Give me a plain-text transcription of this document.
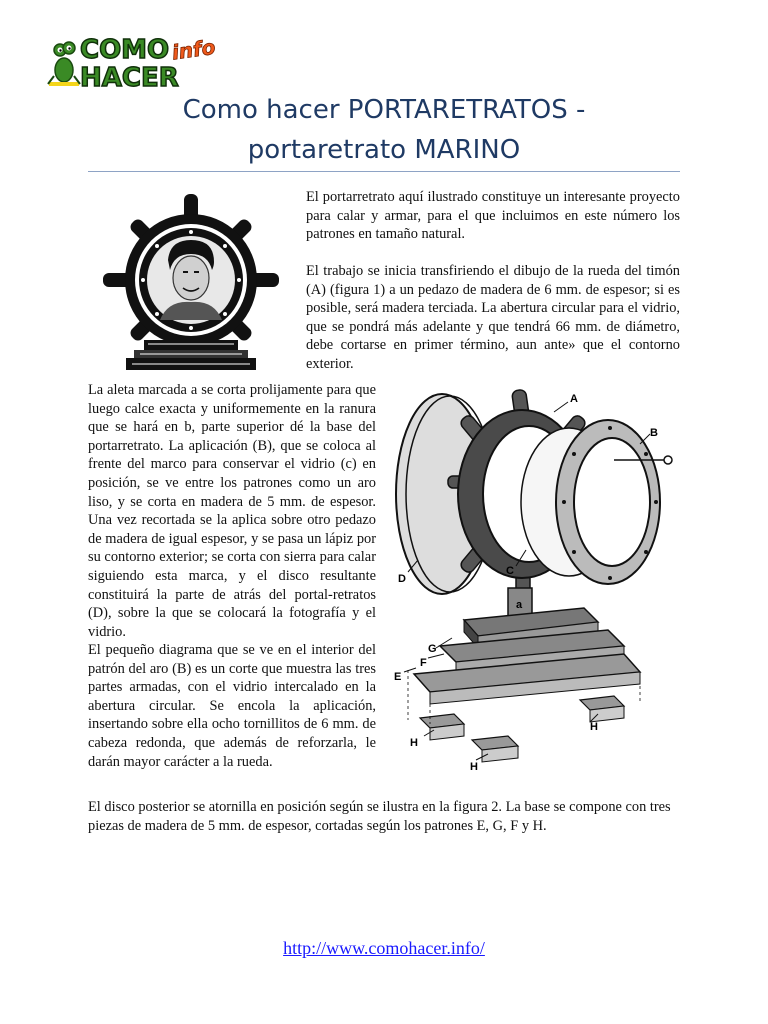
COMO
HACER
info
Como hacer PORTARETRATOS -
portaretrato MARINO

El portarretrato aquí ilustrado constituye un interesante proyecto para calar y armar, para el que incluimos en este número los patrones en tamaño natural.

El trabajo se inicia transfiriendo el dibujo de la rueda del timón (A) (figura 1) a un pedazo de madera de 6 mm. de espesor; si es posible, será madera terciada. La abertura circular para el vidrio, que se pondrá más adelante y que tendrá 66 mm. de diámetro, debe cortarse en primer término, aun ante» que el contorno exterior.

La aleta marcada a se corta prolijamente para que luego calce exacta y uniformemente en la ranura que se hará en b, parte superior dé la base del portarretrato. La aplicación (B), que se coloca al frente del marco para conservar el vidrio (c) en posición, se ve entre los patrones como un aro liso, y se corta en madera de 5 mm. de espesor. Una vez recortada se la aplica sobre otro pedazo de madera de igual espesor, y se pasa un lápiz por su contorno exterior; se corta con sierra para calar siguiendo esta marca, y el disco resultante constituirá la parte de atrás del portal-retratos (D), sobre la que se colocará la fotografía y el vidrio.

El pequeño diagrama que se ve en el interior del patrón del aro (B) es un corte que muestra las tres partes armadas, con el vidrio intercalado en la abertura circular. Se encola la aplicación, insertando sobre ella ocho tornillitos de 6 mm. de cabeza redonda, que además de reforzarla, le darán mayor carácter a la rueda.

A
B
C
D
a
G
E
F
H
H
H

El disco posterior se atornilla en posición según se ilustra en la figura 2. La base se compone con tres piezas de madera de 5 mm. de espesor, cortadas según los patrones E, G, F y H.

http://www.comohacer.info/
